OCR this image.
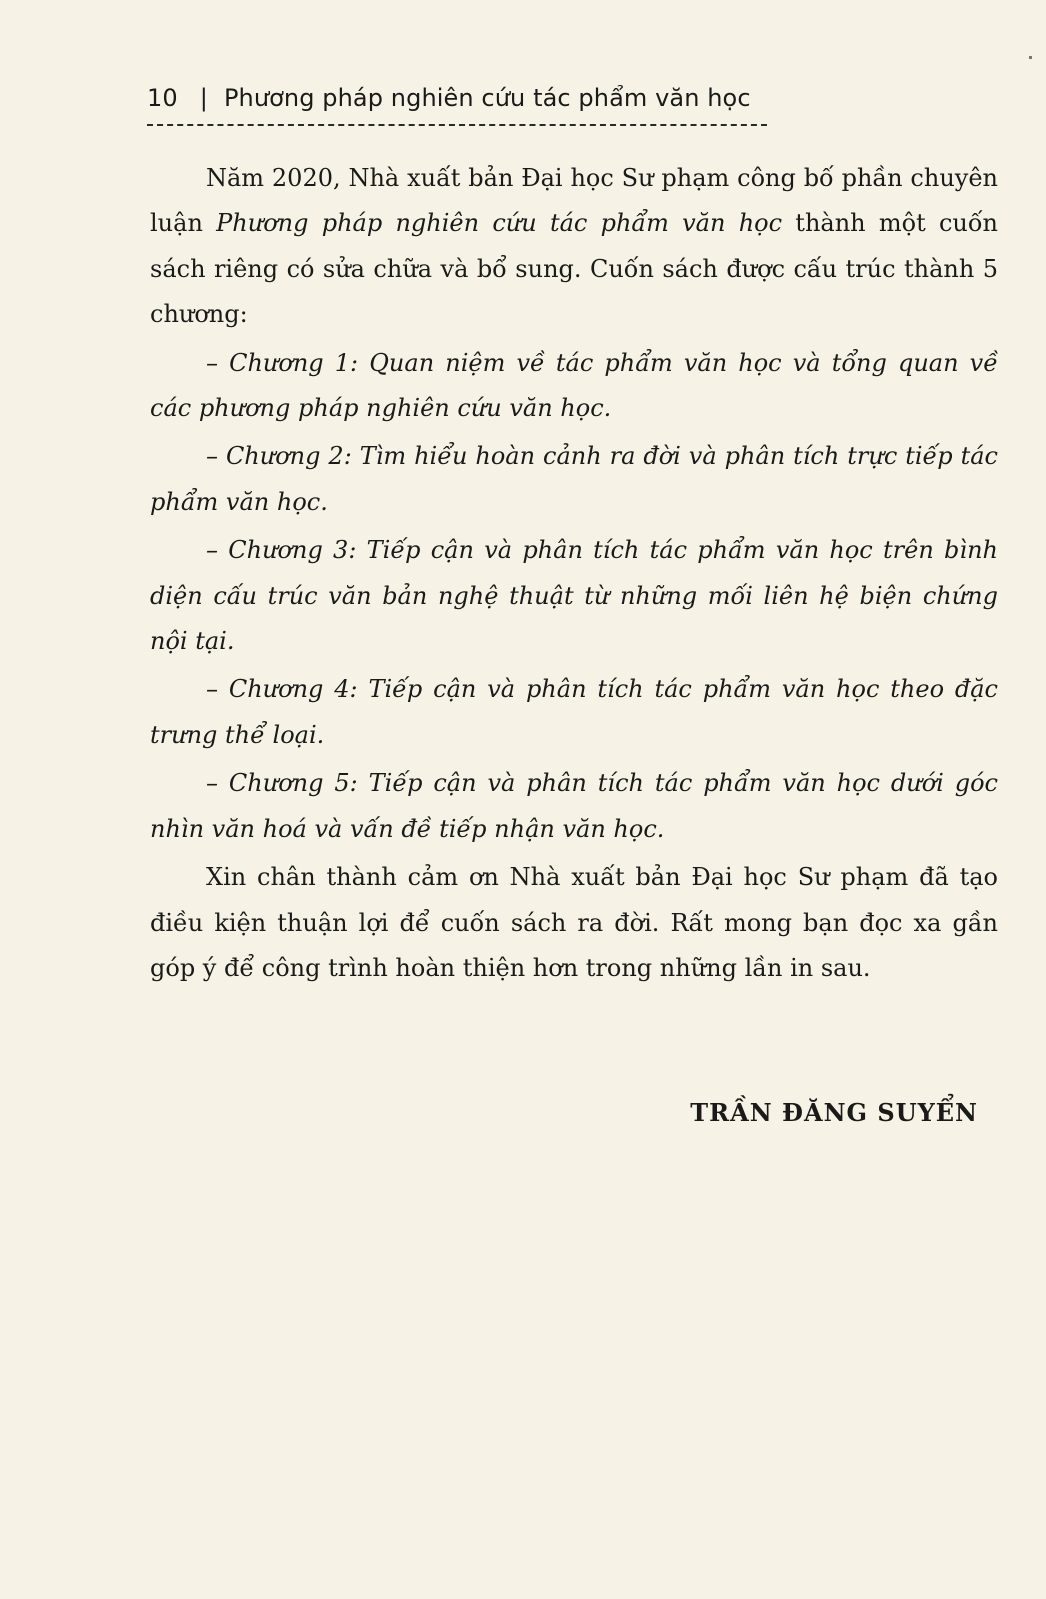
10 | Phương pháp nghiên cứu tác phẩm văn học

Năm 2020, Nhà xuất bản Đại học Sư phạm công bố phần chuyên luận Phương pháp nghiên cứu tác phẩm văn học thành một cuốn sách riêng có sửa chữa và bổ sung. Cuốn sách được cấu trúc thành 5 chương:

– Chương 1: Quan niệm về tác phẩm văn học và tổng quan về các phương pháp nghiên cứu văn học.

– Chương 2: Tìm hiểu hoàn cảnh ra đời và phân tích trực tiếp tác phẩm văn học.

– Chương 3: Tiếp cận và phân tích tác phẩm văn học trên bình diện cấu trúc văn bản nghệ thuật từ những mối liên hệ biện chứng nội tại.

– Chương 4: Tiếp cận và phân tích tác phẩm văn học theo đặc trưng thể loại.

– Chương 5: Tiếp cận và phân tích tác phẩm văn học dưới góc nhìn văn hoá và vấn đề tiếp nhận văn học.

Xin chân thành cảm ơn Nhà xuất bản Đại học Sư phạm đã tạo điều kiện thuận lợi để cuốn sách ra đời. Rất mong bạn đọc xa gần góp ý để công trình hoàn thiện hơn trong những lần in sau.

TRẦN ĐĂNG SUYỂN
